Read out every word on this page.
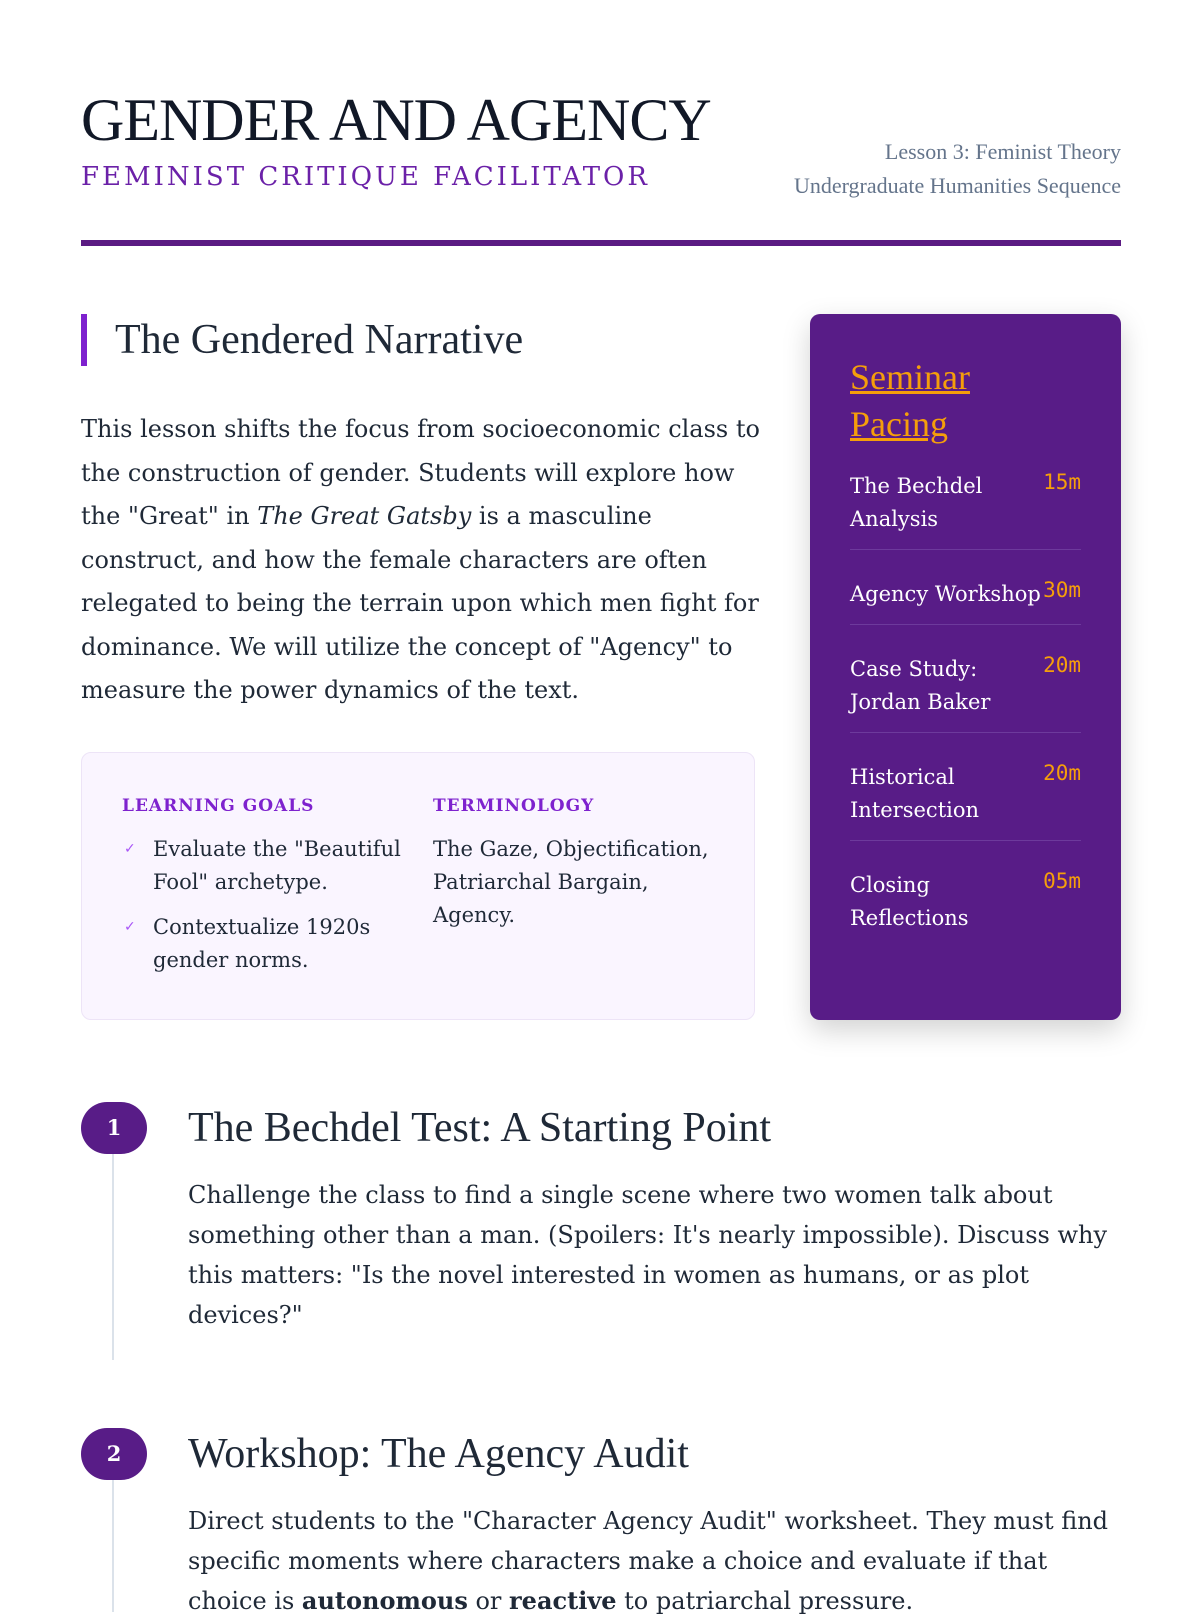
GENDER AND AGENCY
FEMINIST CRITIQUE FACILITATOR
Lesson 3: Feminist Theory
Undergraduate Humanities Sequence
The Gendered Narrative

This lesson shifts the focus from socioeconomic class to the construction of gender. Students will explore how the "Great" in The Great Gatsby is a masculine construct, and how the female characters are often relegated to being the terrain upon which men fight for dominance. We will utilize the concept of "Agency" to measure the power dynamics of the text.

LEARNING GOALS
✓ Evaluate the "Beautiful Fool" archetype.
✓ Contextualize 1920s gender norms.
TERMINOLOGY
The Gaze, Objectification, Patriarchal Bargain, Agency.
Seminar Pacing
The Bechdel Analysis
15m
Agency Workshop 30m
Case Study: Jordan Baker
20m
Historical Intersection
20m
Closing Reflections
05m
1	The Bechdel Test: A Starting Point
Challenge the class to find a single scene where two women talk about something other than a man. (Spoilers: It's nearly impossible). Discuss why this matters: "Is the novel interested in women as humans, or as plot devices?"
2	Workshop: The Agency Audit
Direct students to the "Character Agency Audit" worksheet. They must find specific moments where characters make a choice and evaluate if that choice is autonomous or reactive to patriarchal pressure.
